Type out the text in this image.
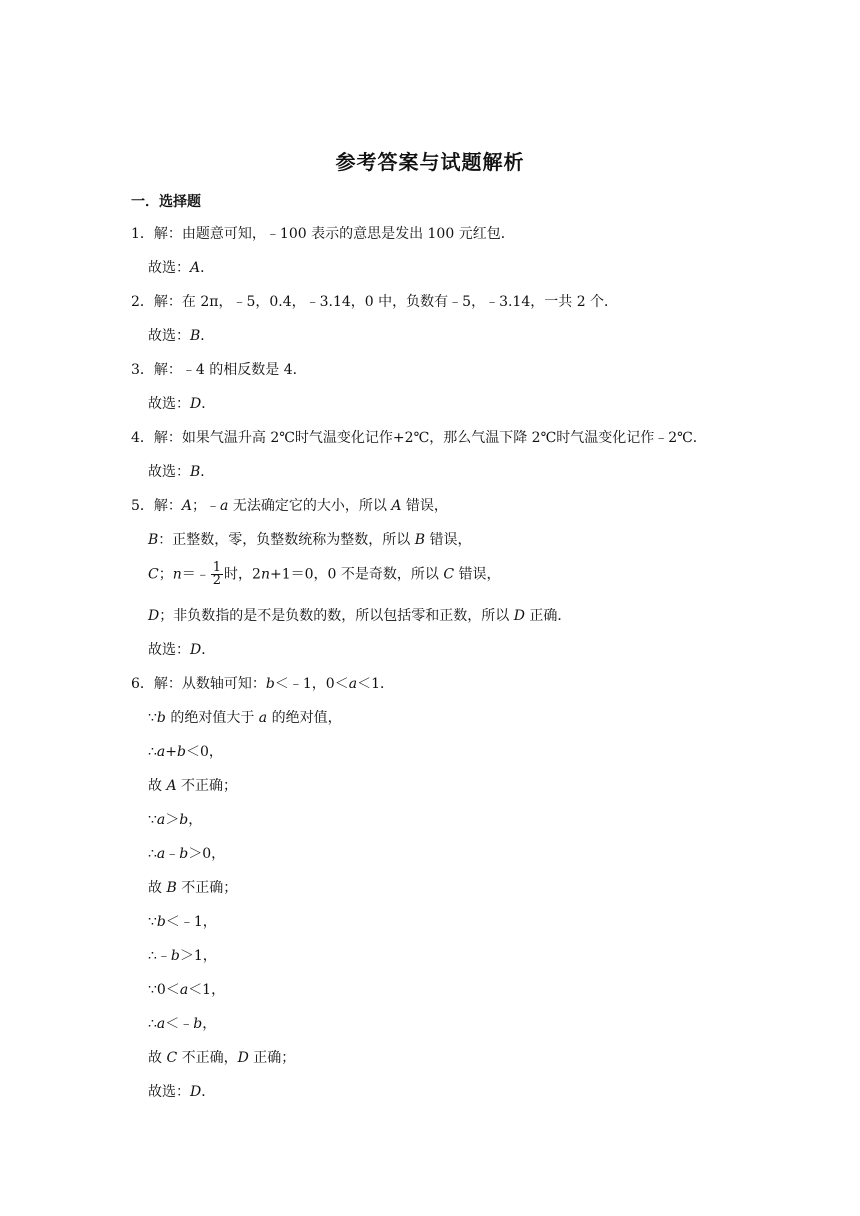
参考答案与试题解析
一．选择题
1．解：由题意可知，﹣100 表示的意思是发出 100 元红包．
故选：A．
2．解：在 2π，﹣5，0.4，﹣3.14，0 中，负数有﹣5，﹣3.14，一共 2 个．
故选：B．
3．解：﹣4 的相反数是 4．
故选：D．
4．解：如果气温升高 2℃时气温变化记作+2℃，那么气温下降 2℃时气温变化记作﹣2℃．
故选：B．
5．解：A；﹣a 无法确定它的大小，所以 A 错误，
B：正整数，零，负整数统称为整数，所以 B 错误，
C；n＝﹣ $\frac{1}{2}$ 时，2n+1＝0，0 不是奇数，所以 C 错误，
D；非负数指的是不是负数的数，所以包括零和正数，所以 D 正确．
故选：D．
6．解：从数轴可知：b＜﹣1，0＜a＜1．
∵b 的绝对值大于 a 的绝对值，
∴a+b＜0，
故 A 不正确；
∵a＞b，
∴a﹣b＞0，
故 B 不正确；
∵b＜﹣1，
∴﹣b＞1，
∵0＜a＜1，
∴a＜﹣b，
故 C 不正确，D 正确；
故选：D．
